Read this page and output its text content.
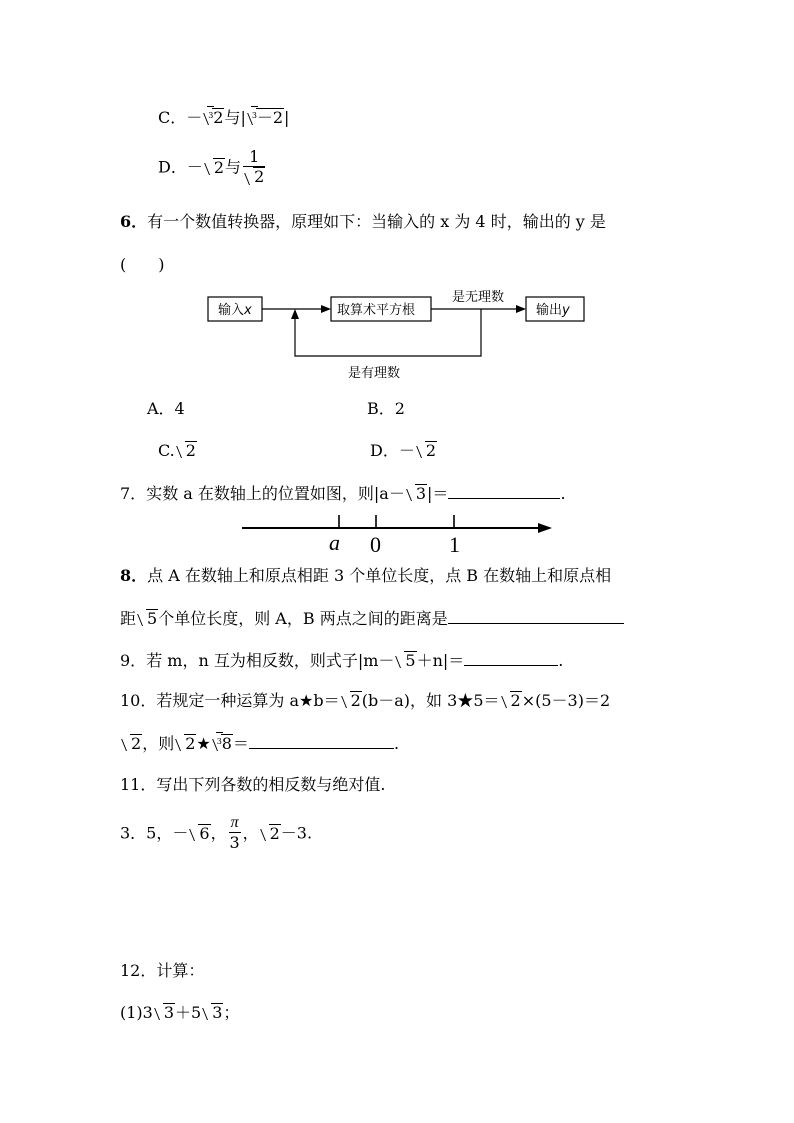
C．－ 3 2与| 3 －2|
D．－ 2与 $\frac{1}{2}$
6．有一个数值转换器，原理如下：当输入的 x 为 4 时，输出的 y 是
(　　)
输入x	取算术平方根
是无理数
输出y
是有理数
A．4	B．2
C. 2	D．－ 2
7．实数 a 在数轴上的位置如图，则|a－ 3|＝	.
a 0	1
8．点 A 在数轴上和原点相距 3 个单位长度，点 B 在数轴上和原点相
距 5个单位长度，则 A，B 两点之间的距离是
9．若 m，n 互为相反数，则式子|m－ 5＋n|＝	.
10．若规定一种运算为 a★b＝ 2(b－a)，如 3★5＝ 2×(5－3)＝2
2，则 2★ 3 8＝	.
11．写出下列各数的相反数与绝对值.
3．5，－ 6， $\frac{\pi}{3}$ ， 2－3.
12．计算：
(1)3 3＋5 3；
